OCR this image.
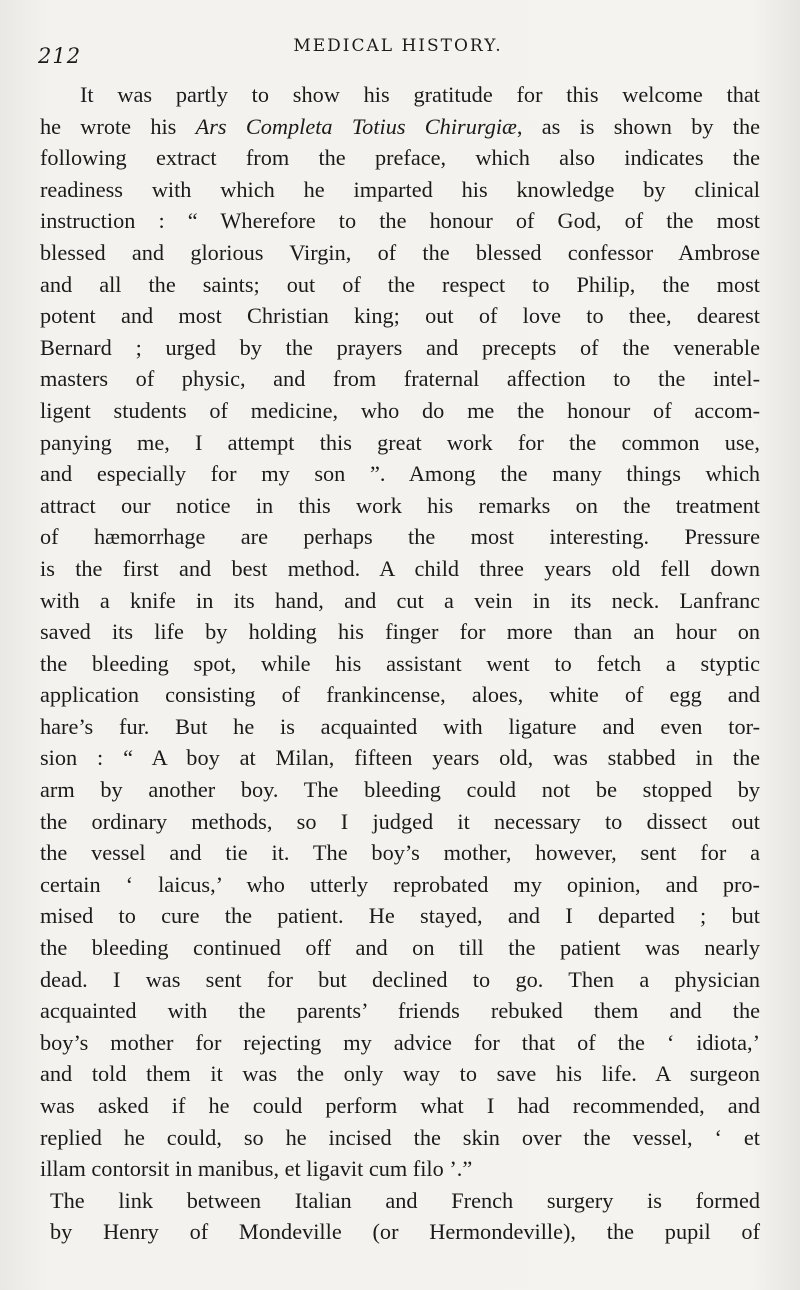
212	MEDICAL HISTORY.
It was partly to show his gratitude for this welcome that
he wrote his Ars Completa Totius Chirurgiæ, as is shown by the
following extract from the preface, which also indicates the
readiness with which he imparted his knowledge by clinical
instruction : “ Wherefore to the honour of God, of the most
blessed and glorious Virgin, of the blessed confessor Ambrose
and all the saints; out of the respect to Philip, the most
potent and most Christian king; out of love to thee, dearest
Bernard ; urged by the prayers and precepts of the venerable
masters of physic, and from fraternal affection to the intel-
ligent students of medicine, who do me the honour of accom-
panying me, I attempt this great work for the common use,
and especially for my son ”. Among the many things which
attract our notice in this work his remarks on the treatment
of hæmorrhage are perhaps the most interesting. Pressure
is the first and best method. A child three years old fell down
with a knife in its hand, and cut a vein in its neck. Lanfranc
saved its life by holding his finger for more than an hour on
the bleeding spot, while his assistant went to fetch a styptic
application consisting of frankincense, aloes, white of egg and
hare’s fur. But he is acquainted with ligature and even tor-
sion : “ A boy at Milan, fifteen years old, was stabbed in the
arm by another boy. The bleeding could not be stopped by
the ordinary methods, so I judged it necessary to dissect out
the vessel and tie it. The boy’s mother, however, sent for a
certain ‘ laicus,’ who utterly reprobated my opinion, and pro-
mised to cure the patient. He stayed, and I departed ; but
the bleeding continued off and on till the patient was nearly
dead. I was sent for but declined to go. Then a physician
acquainted with the parents’ friends rebuked them and the
boy’s mother for rejecting my advice for that of the ‘ idiota,’
and told them it was the only way to save his life. A surgeon
was asked if he could perform what I had recommended, and
replied he could, so he incised the skin over the vessel, ‘ et
illam contorsit in manibus, et ligavit cum filo ’.”
The link between Italian and French surgery is formed
by Henry of Mondeville (or Hermondeville), the pupil of
